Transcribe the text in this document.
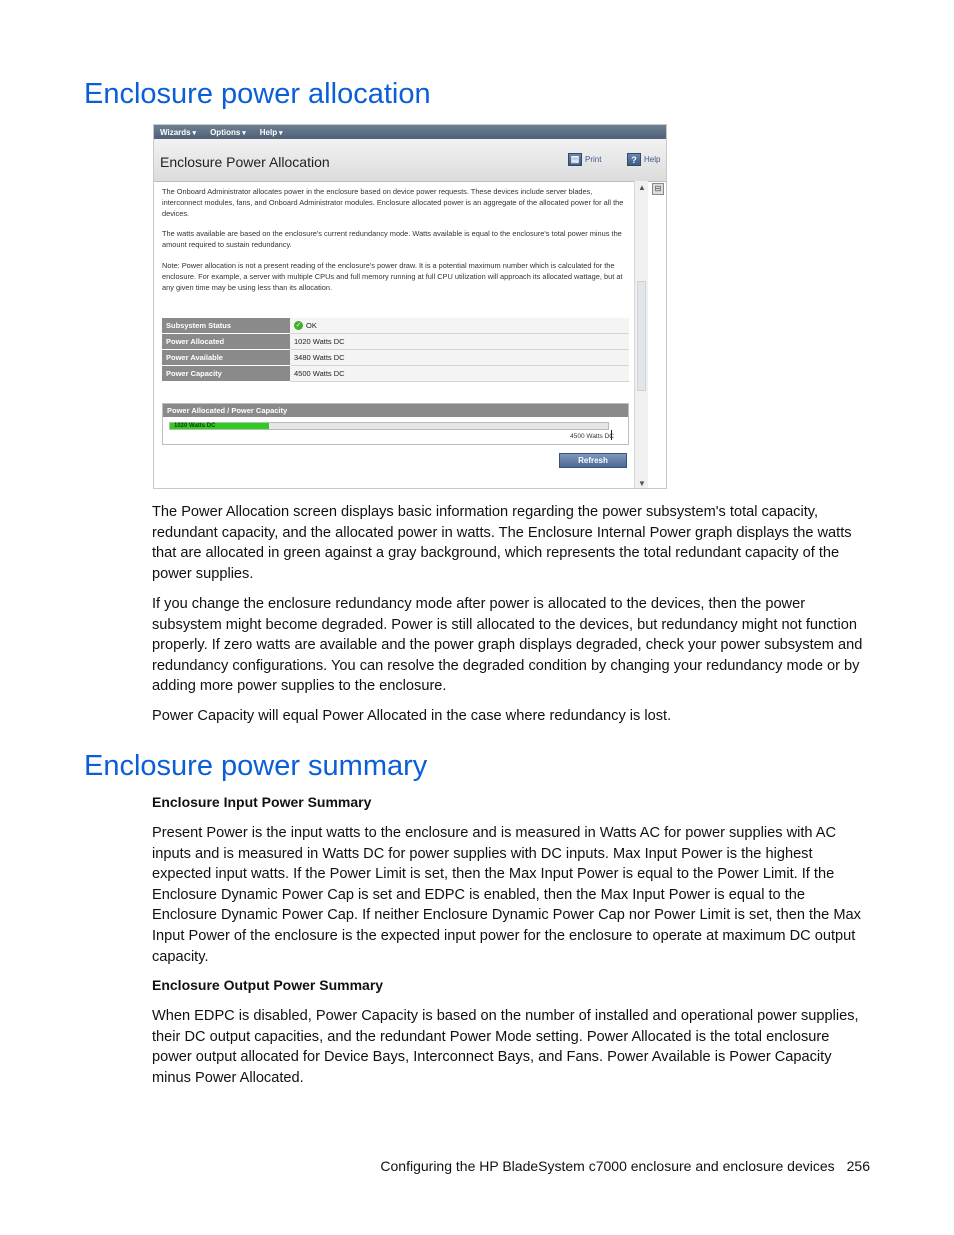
Enclosure power allocation
Wizards ▾	Options ▾	Help ▾
Enclosure Power Allocation	▤ Print	? Help

The Onboard Administrator allocates power in the enclosure based on device power requests. These devices include server blades, interconnect modules, fans, and Onboard Administrator modules. Enclosure allocated power is an aggregate of the allocated power for all the devices.

The watts available are based on the enclosure's current redundancy mode. Watts available is equal to the enclosure's total power minus the amount required to sustain redundancy.

Note: Power allocation is not a present reading of the enclosure's power draw. It is a potential maximum number which is calculated for the enclosure. For example, a server with multiple CPUs and full memory running at full CPU utilization will approach its allocated wattage, but at any given time may be using less than its allocation.

Subsystem Status	✓ OK
Power Allocated	1020 Watts DC
Power Available	3480 Watts DC
Power Capacity	4500 Watts DC
Power Allocated / Power Capacity
1020 Watts DC
4500 Watts DC
Refresh
▲
▼
⊟

The Power Allocation screen displays basic information regarding the power subsystem's total capacity, redundant capacity, and the allocated power in watts. The Enclosure Internal Power graph displays the watts that are allocated in green against a gray background, which represents the total redundant capacity of the power supplies.

If you change the enclosure redundancy mode after power is allocated to the devices, then the power subsystem might become degraded. Power is still allocated to the devices, but redundancy might not function properly. If zero watts are available and the power graph displays degraded, check your power subsystem and redundancy configurations. You can resolve the degraded condition by changing your redundancy mode or by adding more power supplies to the enclosure.

Power Capacity will equal Power Allocated in the case where redundancy is lost.

Enclosure power summary

Enclosure Input Power Summary

Present Power is the input watts to the enclosure and is measured in Watts AC for power supplies with AC inputs and is measured in Watts DC for power supplies with DC inputs. Max Input Power is the highest expected input watts. If the Power Limit is set, then the Max Input Power is equal to the Power Limit. If the Enclosure Dynamic Power Cap is set and EDPC is enabled, then the Max Input Power is equal to the Enclosure Dynamic Power Cap. If neither Enclosure Dynamic Power Cap nor Power Limit is set, then the Max Input Power of the enclosure is the expected input power for the enclosure to operate at maximum DC output capacity.

Enclosure Output Power Summary

When EDPC is disabled, Power Capacity is based on the number of installed and operational power supplies, their DC output capacities, and the redundant Power Mode setting. Power Allocated is the total enclosure power output allocated for Device Bays, Interconnect Bays, and Fans. Power Available is Power Capacity minus Power Allocated.

Configuring the HP BladeSystem c7000 enclosure and enclosure devices 256
